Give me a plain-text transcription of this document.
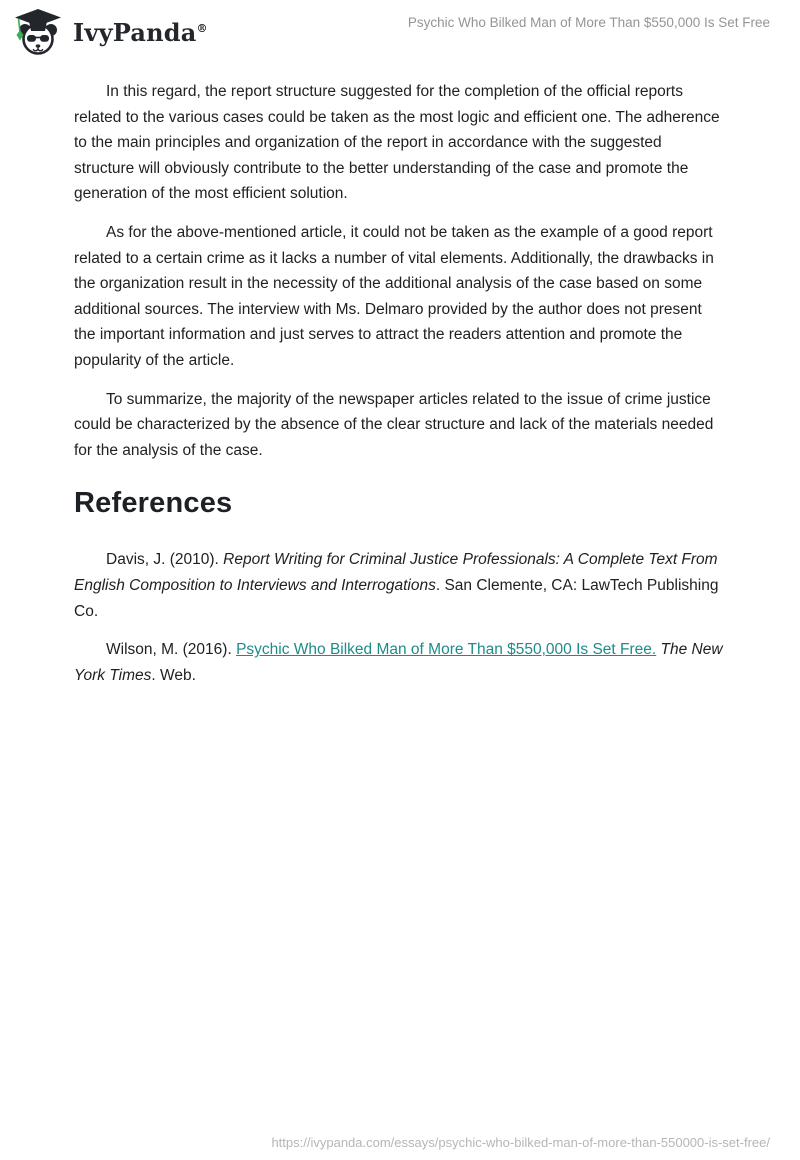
IvyPanda®	Psychic Who Bilked Man of More Than $550,000 Is Set Free

In this regard, the report structure suggested for the completion of the official reports related to the various cases could be taken as the most logic and efficient one. The adherence to the main principles and organization of the report in accordance with the suggested structure will obviously contribute to the better understanding of the case and promote the generation of the most efficient solution.

As for the above-mentioned article, it could not be taken as the example of a good report related to a certain crime as it lacks a number of vital elements. Additionally, the drawbacks in the organization result in the necessity of the additional analysis of the case based on some additional sources. The interview with Ms. Delmaro provided by the author does not present the important information and just serves to attract the readers attention and promote the popularity of the article.

To summarize, the majority of the newspaper articles related to the issue of crime justice could be characterized by the absence of the clear structure and lack of the materials needed for the analysis of the case.

References

Davis, J. (2010). Report Writing for Criminal Justice Professionals: A Complete Text From English Composition to Interviews and Interrogations. San Clemente, CA: LawTech Publishing Co.

Wilson, M. (2016). Psychic Who Bilked Man of More Than $550,000 Is Set Free. The New York Times. Web.

https://ivypanda.com/essays/psychic-who-bilked-man-of-more-than-550000-is-set-free/
